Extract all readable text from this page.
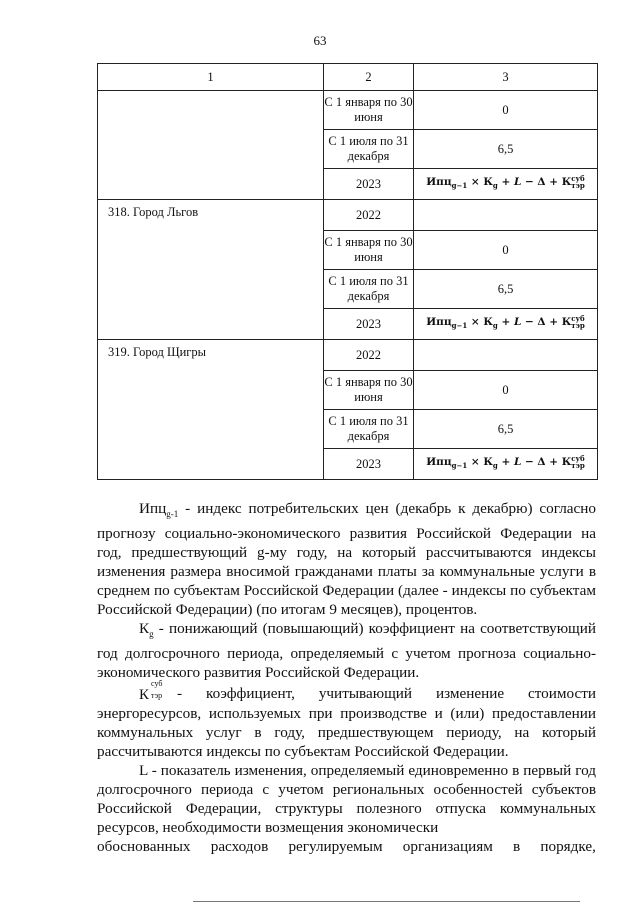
63
1	2	3
	С 1 января по 30 июня	0
	С 1 июля по 31 декабря	6,5
	2023	$Ипц_{g-1} \times К_g + L - \Delta + К$ суб
тэр

318. Город Льгов	2022	
	С 1 января по 30 июня	0
	С 1 июля по 31 декабря	6,5
	2023	$Ипц_{g-1} \times К_g + L - \Delta + К$ суб
тэр

319. Город Щигры	2022	
	С 1 января по 30 июня	0
	С 1 июля по 31 декабря	6,5
	2023	$Ипц_{g-1} \times К_g + L - \Delta + К$ суб
тэр

Ипц$_{g-1}$ - индекс потребительских цен (декабрь к декабрю) согласно прогнозу социально-экономического развития Российской Федерации на год, предшествующий g-му году, на который рассчитываются индексы изменения размера вносимой гражданами платы за коммунальные услуги в среднем по субъектам Российской Федерации (далее - индексы по субъектам Российской Федерации) (по итогам 9 месяцев), процентов.

$К_g$ - понижающий (повышающий) коэффициент на соответствующий год долгосрочного периода, определяемый с учетом прогноза социально-экономического развития Российской Федерации.

К
суб
тэр - коэффициент, учитывающий изменение стоимости
энергоресурсов, используемых при производстве и (или) предоставлении коммунальных услуг в году, предшествующем периоду, на который рассчитываются индексы по субъектам Российской Федерации.

L - показатель изменения, определяемый единовременно в первый год долгосрочного периода с учетом региональных особенностей субъектов Российской Федерации, структуры полезного отпуска коммунальных ресурсов, необходимости возмещения экономически

обоснованных расходов регулируемым организациям в порядке,
